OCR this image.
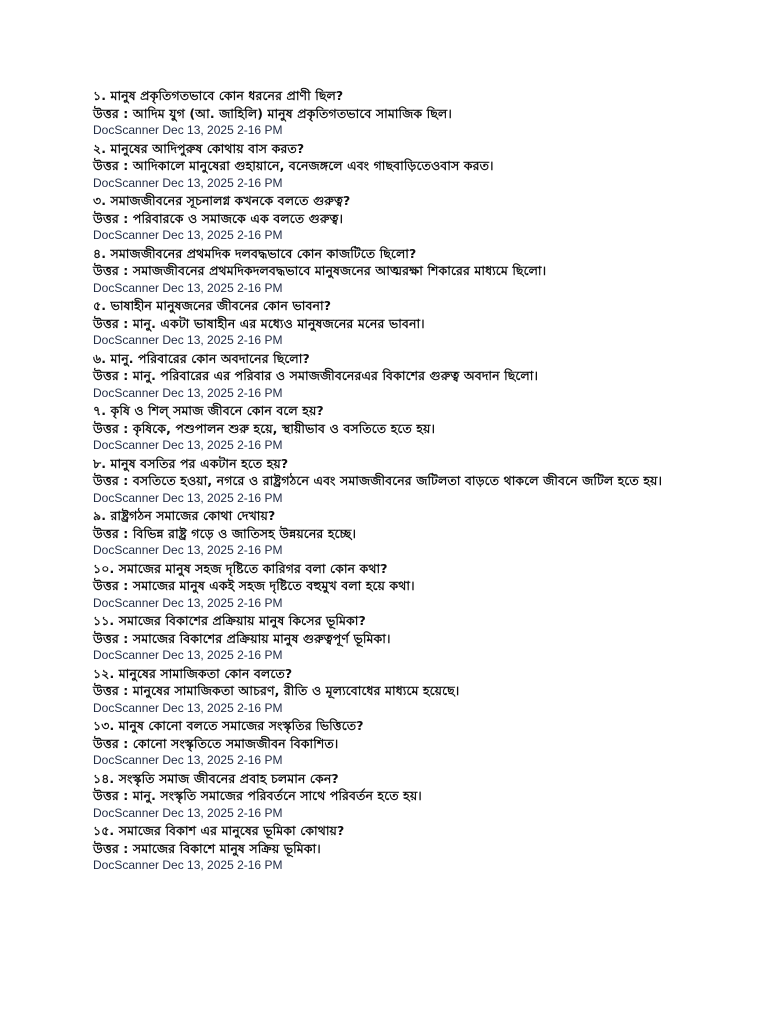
১. মানুষ প্রকৃতিগতভাবে কোন ধরনের প্রাণী ছিল?
উত্তর : আদিম যুগ (আ. জাহিলি) মানুষ প্রকৃতিগতভাবে সামাজিক ছিল।
DocScanner Dec 13, 2025 2-16 PM
২. মানুষের আদিপুরুষ কোথায় বাস করত?
উত্তর : আদিকালে মানুষেরা গুহায়ানে, বনেজঙ্গলে এবং গাছবাড়িতেওবাস করত।
DocScanner Dec 13, 2025 2-16 PM
৩. সমাজজীবনের সূচনালগ্ন কখনকে বলতে গুরুত্ব?
উত্তর : পরিবারকে ও সমাজকে এক বলতে গুরুত্ব।
DocScanner Dec 13, 2025 2-16 PM
৪. সমাজজীবনের প্রথমদিক দলবদ্ধভাবে কোন কাজটিতে ছিলো?
উত্তর : সমাজজীবনের প্রথমদিকদলবদ্ধভাবে মানুষজনের আত্মরক্ষা শিকারের মাধ্যমে ছিলো।
DocScanner Dec 13, 2025 2-16 PM
৫. ভাষাহীন মানুষজনের জীবনের কোন ভাবনা?
উত্তর : মানু. একটা ভাষাহীন এর মধ্যেও মানুষজনের মনের ভাবনা।
DocScanner Dec 13, 2025 2-16 PM
৬. মানু. পরিবারের কোন অবদানের ছিলো?
উত্তর : মানু. পরিবারের এর পরিবার ও সমাজজীবনেরএর বিকাশের গুরুত্ব অবদান ছিলো।
DocScanner Dec 13, 2025 2-16 PM
৭. কৃষি ও শিল্ সমাজ জীবনে কোন বলে হয়?
উত্তর : কৃষিকে, পশুপালন শুরু হয়ে, স্থায়ীভাব ও বসতিতে হতে হয়।
DocScanner Dec 13, 2025 2-16 PM
৮. মানুষ বসতির পর একটান হতে হয়?
উত্তর : বসতিতে হওয়া, নগরে ও রাষ্ট্রগঠনে এবং সমাজজীবনের জটিলতা বাড়তে থাকলে জীবনে জটিল হতে হয়।
DocScanner Dec 13, 2025 2-16 PM
৯. রাষ্ট্রগঠন সমাজের কোথা দেখায়?
উত্তর : বিভিন্ন রাষ্ট্র গড়ে ও জাতিসহ উন্নয়নের হচ্ছে।
DocScanner Dec 13, 2025 2-16 PM
১০. সমাজের মানুষ সহজ দৃষ্টিতে কারিগর বলা কোন কথা?
উত্তর : সমাজের মানুষ একই সহজ দৃষ্টিতে বহুমুখ বলা হয়ে কথা।
DocScanner Dec 13, 2025 2-16 PM
১১. সমাজের বিকাশের প্রক্রিয়ায় মানুষ কিসের ভূমিকা?
উত্তর : সমাজের বিকাশের প্রক্রিয়ায় মানুষ গুরুত্বপূর্ণ ভূমিকা।
DocScanner Dec 13, 2025 2-16 PM
১২. মানুষের সামাজিকতা কোন বলতে?
উত্তর : মানুষের সামাজিকতা আচরণ, রীতি ও মূল্যবোধের মাধ্যমে হয়েছে।
DocScanner Dec 13, 2025 2-16 PM
১৩. মানুষ কোনো বলতে সমাজের সংস্কৃতির ভিত্তিতে?
উত্তর : কোনো সংস্কৃতিতে সমাজজীবন বিকাশিত।
DocScanner Dec 13, 2025 2-16 PM
১৪. সংস্কৃতি সমাজ জীবনের প্রবাহ চলমান কেন?
উত্তর : মানু. সংস্কৃতি সমাজের পরিবর্তনে সাথে পরিবর্তন হতে হয়।
DocScanner Dec 13, 2025 2-16 PM
১৫. সমাজের বিকাশ এর মানুষের ভূমিকা কোথায়?
উত্তর : সমাজের বিকাশে মানুষ সক্রিয় ভূমিকা।
DocScanner Dec 13, 2025 2-16 PM
